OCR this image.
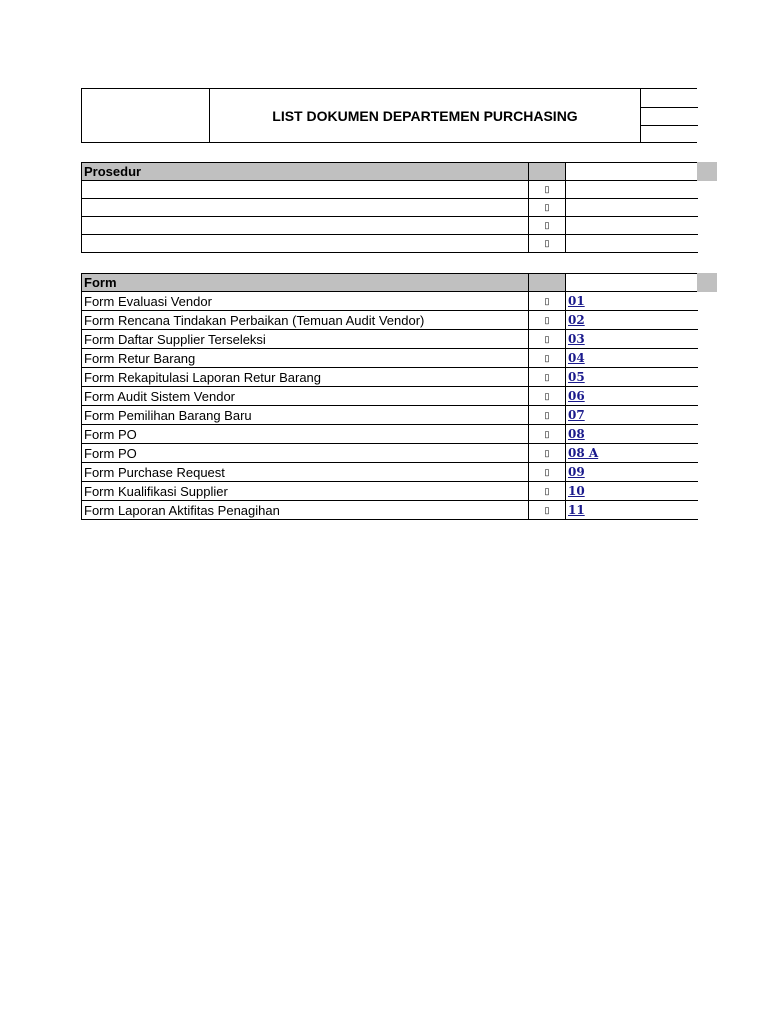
LIST DOKUMEN DEPARTEMEN PURCHASING
Prosedur		
	▯	
	▯	
	▯	
	▯	
Form		
Form Evaluasi Vendor	▯	01
Form Rencana Tindakan Perbaikan (Temuan Audit Vendor)	▯	02
Form Daftar Supplier Terseleksi	▯	03
Form Retur Barang	▯	04
Form Rekapitulasi Laporan Retur Barang	▯	05
Form Audit Sistem Vendor	▯	06
Form Pemilihan Barang Baru	▯	07
Form PO	▯	08
Form PO	▯	08 A
Form Purchase Request	▯	09
Form Kualifikasi Supplier	▯	10
Form Laporan Aktifitas Penagihan	▯	11
